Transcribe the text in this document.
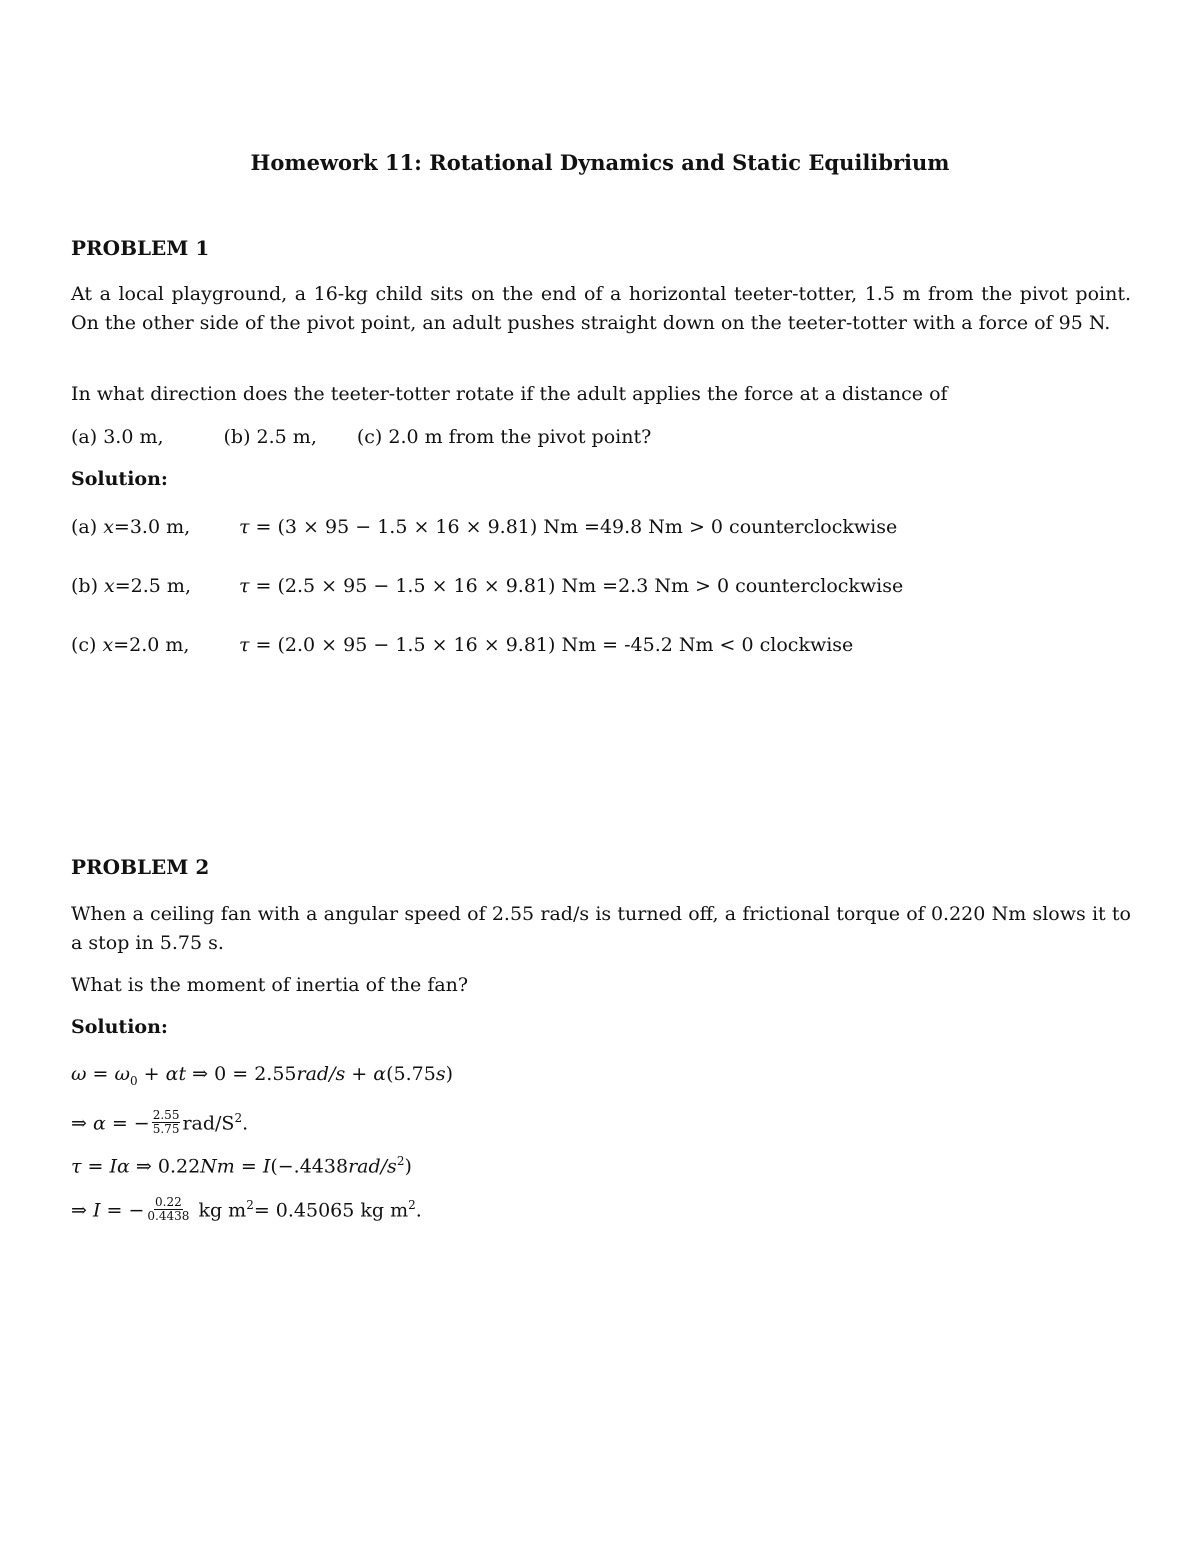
Homework 11: Rotational Dynamics and Static Equilibrium
PROBLEM 1
At a local playground, a 16-kg child sits on the end of a horizontal teeter-totter, 1.5 m from the pivot point. On the other side of the pivot point, an adult pushes straight down on the teeter-totter with a force of 95 N.
In what direction does the teeter-totter rotate if the adult applies the force at a distance of
(a) 3.0 m,	(b) 2.5 m, (c) 2.0 m from the pivot point?
Solution:
(a) x=3.0 m,	τ = (3 × 95 − 1.5 × 16 × 9.81) Nm =49.8 Nm > 0 counterclockwise
(b) x=2.5 m,	τ = (2.5 × 95 − 1.5 × 16 × 9.81) Nm =2.3 Nm > 0 counterclockwise
(c) x=2.0 m,	τ = (2.0 × 95 − 1.5 × 16 × 9.81) Nm = -45.2 Nm < 0 clockwise
PROBLEM 2
When a ceiling fan with a angular speed of 2.55 rad/s is turned off, a frictional torque of 0.220 Nm slows it to a stop in 5.75 s.
What is the moment of inertia of the fan?
Solution:
$\omega = \omega_0 + \alpha t$ ⇒ 0 = 2.55rad/s + α(5.75s)
⇒ α = − $\frac{2.55}{5.75} rad/S^2$.
τ = Iα ⇒ $0.22Nm = I(-.4438rad/s^2)$
⇒ I = − $\frac{0.22}{0.4438}$ kg $m^2= 0.45065$ kg $m^2$.
